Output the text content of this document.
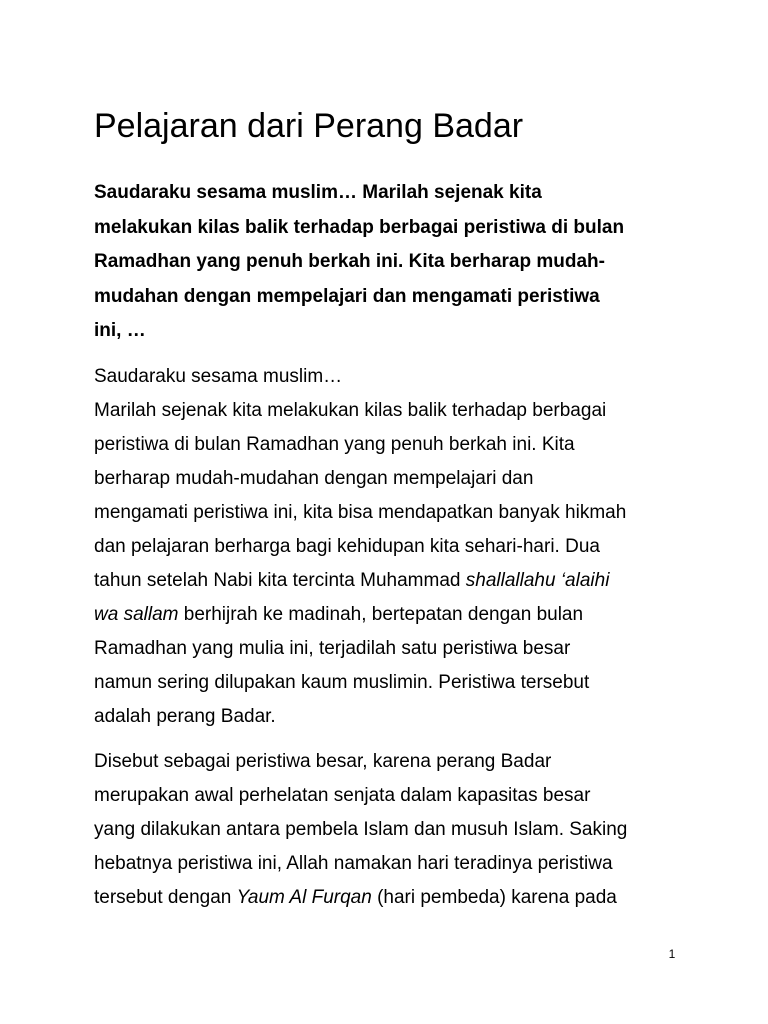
Pelajaran dari Perang Badar

Saudaraku sesama muslim… Marilah sejenak kita
melakukan kilas balik terhadap berbagai peristiwa di bulan
Ramadhan yang penuh berkah ini. Kita berharap mudah-
mudahan dengan mempelajari dan mengamati peristiwa
ini, …

Saudaraku sesama muslim…
Marilah sejenak kita melakukan kilas balik terhadap berbagai
peristiwa di bulan Ramadhan yang penuh berkah ini. Kita
berharap mudah-mudahan dengan mempelajari dan
mengamati peristiwa ini, kita bisa mendapatkan banyak hikmah
dan pelajaran berharga bagi kehidupan kita sehari-hari. Dua
tahun setelah Nabi kita tercinta Muhammad shallallahu ‘alaihi
wa sallam berhijrah ke madinah, bertepatan dengan bulan
Ramadhan yang mulia ini, terjadilah satu peristiwa besar
namun sering dilupakan kaum muslimin. Peristiwa tersebut
adalah perang Badar.

Disebut sebagai peristiwa besar, karena perang Badar
merupakan awal perhelatan senjata dalam kapasitas besar
yang dilakukan antara pembela Islam dan musuh Islam. Saking
hebatnya peristiwa ini, Allah namakan hari teradinya peristiwa
tersebut dengan Yaum Al Furqan (hari pembeda) karena pada

1
